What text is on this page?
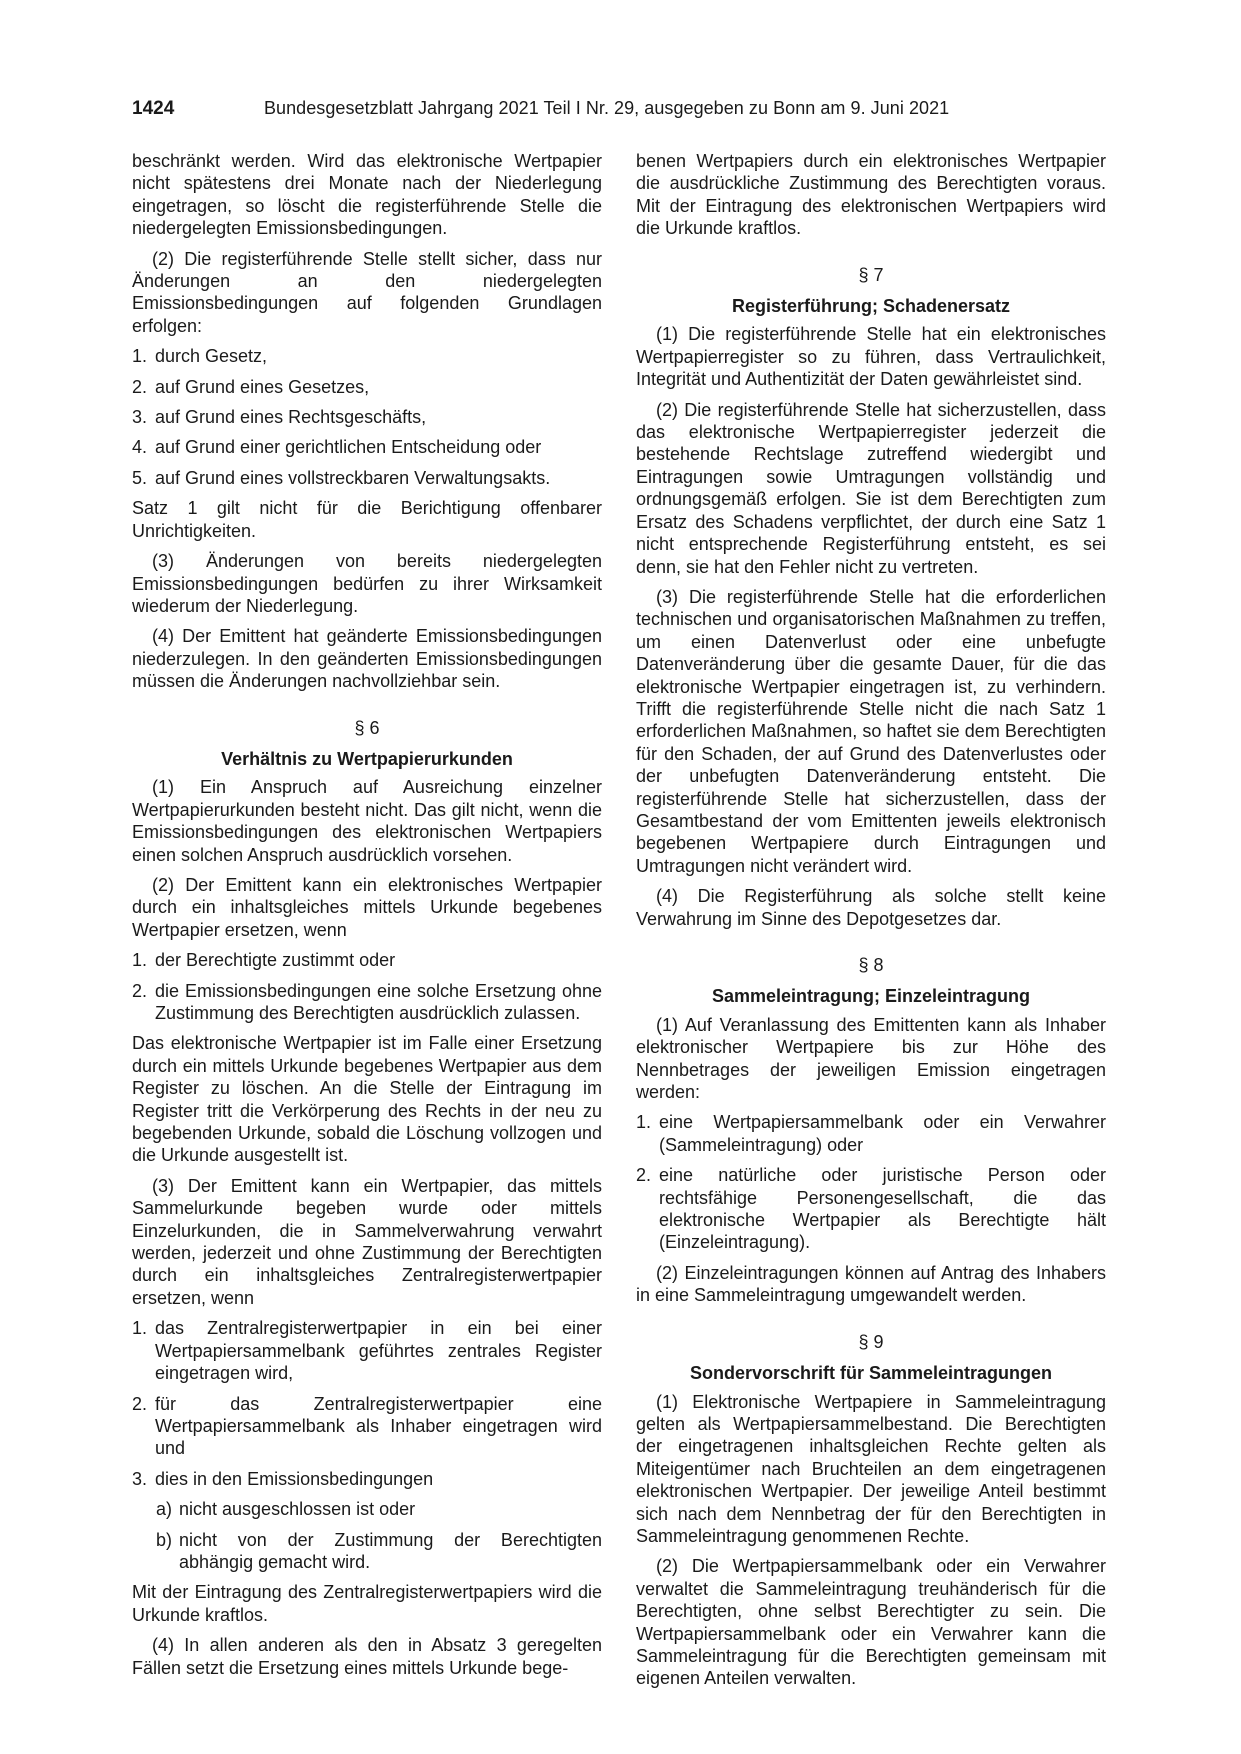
1424	Bundesgesetzblatt Jahrgang 2021 Teil I Nr. 29, ausgegeben zu Bonn am 9. Juni 2021

beschränkt werden. Wird das elektronische Wertpapier nicht spätestens drei Monate nach der Niederlegung eingetragen, so löscht die registerführende Stelle die niedergelegten Emissionsbedingungen.

(2) Die registerführende Stelle stellt sicher, dass nur Änderungen an den niedergelegten Emissionsbedingungen auf folgenden Grundlagen erfolgen:

1. durch Gesetz,
2. auf Grund eines Gesetzes,
3. auf Grund eines Rechtsgeschäfts,
4. auf Grund einer gerichtlichen Entscheidung oder
5. auf Grund eines vollstreckbaren Verwaltungsakts.

Satz 1 gilt nicht für die Berichtigung offenbarer Unrichtigkeiten.

(3) Änderungen von bereits niedergelegten Emissionsbedingungen bedürfen zu ihrer Wirksamkeit wiederum der Niederlegung.

(4) Der Emittent hat geänderte Emissionsbedingungen niederzulegen. In den geänderten Emissionsbedingungen müssen die Änderungen nachvollziehbar sein.

§ 6
Verhältnis zu Wertpapierurkunden

(1) Ein Anspruch auf Ausreichung einzelner Wertpapierurkunden besteht nicht. Das gilt nicht, wenn die Emissionsbedingungen des elektronischen Wertpapiers einen solchen Anspruch ausdrücklich vorsehen.

(2) Der Emittent kann ein elektronisches Wertpapier durch ein inhaltsgleiches mittels Urkunde begebenes Wertpapier ersetzen, wenn

1. der Berechtigte zustimmt oder
2. die Emissionsbedingungen eine solche Ersetzung ohne Zustimmung des Berechtigten ausdrücklich zulassen.

Das elektronische Wertpapier ist im Falle einer Ersetzung durch ein mittels Urkunde begebenes Wertpapier aus dem Register zu löschen. An die Stelle der Eintragung im Register tritt die Verkörperung des Rechts in der neu zu begebenden Urkunde, sobald die Löschung vollzogen und die Urkunde ausgestellt ist.

(3) Der Emittent kann ein Wertpapier, das mittels Sammelurkunde begeben wurde oder mittels Einzelurkunden, die in Sammelverwahrung verwahrt werden, jederzeit und ohne Zustimmung der Berechtigten durch ein inhaltsgleiches Zentralregisterwertpapier ersetzen, wenn

1. das Zentralregisterwertpapier in ein bei einer Wertpapiersammelbank geführtes zentrales Register eingetragen wird,
2. für das Zentralregisterwertpapier eine Wertpapiersammelbank als Inhaber eingetragen wird und
3. dies in den Emissionsbedingungen
a) nicht ausgeschlossen ist oder
b) nicht von der Zustimmung der Berechtigten abhängig gemacht wird.

Mit der Eintragung des Zentralregisterwertpapiers wird die Urkunde kraftlos.

(4) In allen anderen als den in Absatz 3 geregelten Fällen setzt die Ersetzung eines mittels Urkunde bege-

benen Wertpapiers durch ein elektronisches Wertpapier die ausdrückliche Zustimmung des Berechtigten voraus. Mit der Eintragung des elektronischen Wertpapiers wird die Urkunde kraftlos.

§ 7
Registerführung; Schadenersatz

(1) Die registerführende Stelle hat ein elektronisches Wertpapierregister so zu führen, dass Vertraulichkeit, Integrität und Authentizität der Daten gewährleistet sind.

(2) Die registerführende Stelle hat sicherzustellen, dass das elektronische Wertpapierregister jederzeit die bestehende Rechtslage zutreffend wiedergibt und Eintragungen sowie Umtragungen vollständig und ordnungsgemäß erfolgen. Sie ist dem Berechtigten zum Ersatz des Schadens verpflichtet, der durch eine Satz 1 nicht entsprechende Registerführung entsteht, es sei denn, sie hat den Fehler nicht zu vertreten.

(3) Die registerführende Stelle hat die erforderlichen technischen und organisatorischen Maßnahmen zu treffen, um einen Datenverlust oder eine unbefugte Datenveränderung über die gesamte Dauer, für die das elektronische Wertpapier eingetragen ist, zu verhindern. Trifft die registerführende Stelle nicht die nach Satz 1 erforderlichen Maßnahmen, so haftet sie dem Berechtigten für den Schaden, der auf Grund des Datenverlustes oder der unbefugten Datenveränderung entsteht. Die registerführende Stelle hat sicherzustellen, dass der Gesamtbestand der vom Emittenten jeweils elektronisch begebenen Wertpapiere durch Eintragungen und Umtragungen nicht verändert wird.

(4) Die Registerführung als solche stellt keine Verwahrung im Sinne des Depotgesetzes dar.

§ 8
Sammeleintragung; Einzeleintragung

(1) Auf Veranlassung des Emittenten kann als Inhaber elektronischer Wertpapiere bis zur Höhe des Nennbetrages der jeweiligen Emission eingetragen werden:

1. eine Wertpapiersammelbank oder ein Verwahrer (Sammeleintragung) oder
2. eine natürliche oder juristische Person oder rechtsfähige Personengesellschaft, die das elektronische Wertpapier als Berechtigte hält (Einzeleintragung).

(2) Einzeleintragungen können auf Antrag des Inhabers in eine Sammeleintragung umgewandelt werden.

§ 9
Sondervorschrift für Sammeleintragungen

(1) Elektronische Wertpapiere in Sammeleintragung gelten als Wertpapiersammelbestand. Die Berechtigten der eingetragenen inhaltsgleichen Rechte gelten als Miteigentümer nach Bruchteilen an dem eingetragenen elektronischen Wertpapier. Der jeweilige Anteil bestimmt sich nach dem Nennbetrag der für den Berechtigten in Sammeleintragung genommenen Rechte.

(2) Die Wertpapiersammelbank oder ein Verwahrer verwaltet die Sammeleintragung treuhänderisch für die Berechtigten, ohne selbst Berechtigter zu sein. Die Wertpapiersammelbank oder ein Verwahrer kann die Sammeleintragung für die Berechtigten gemeinsam mit eigenen Anteilen verwalten.
